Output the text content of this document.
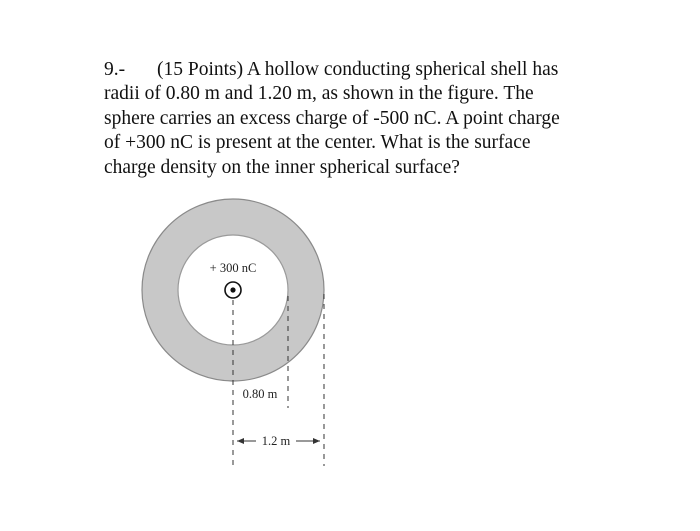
9.- (15 Points) A hollow conducting spherical shell has
radii of 0.80 m and 1.20 m, as shown in the figure. The
sphere carries an excess charge of -500 nC. A point charge
of +300 nC is present at the center. What is the surface
charge density on the inner spherical surface?
+ 300 nC
0.80 m
1.2 m
